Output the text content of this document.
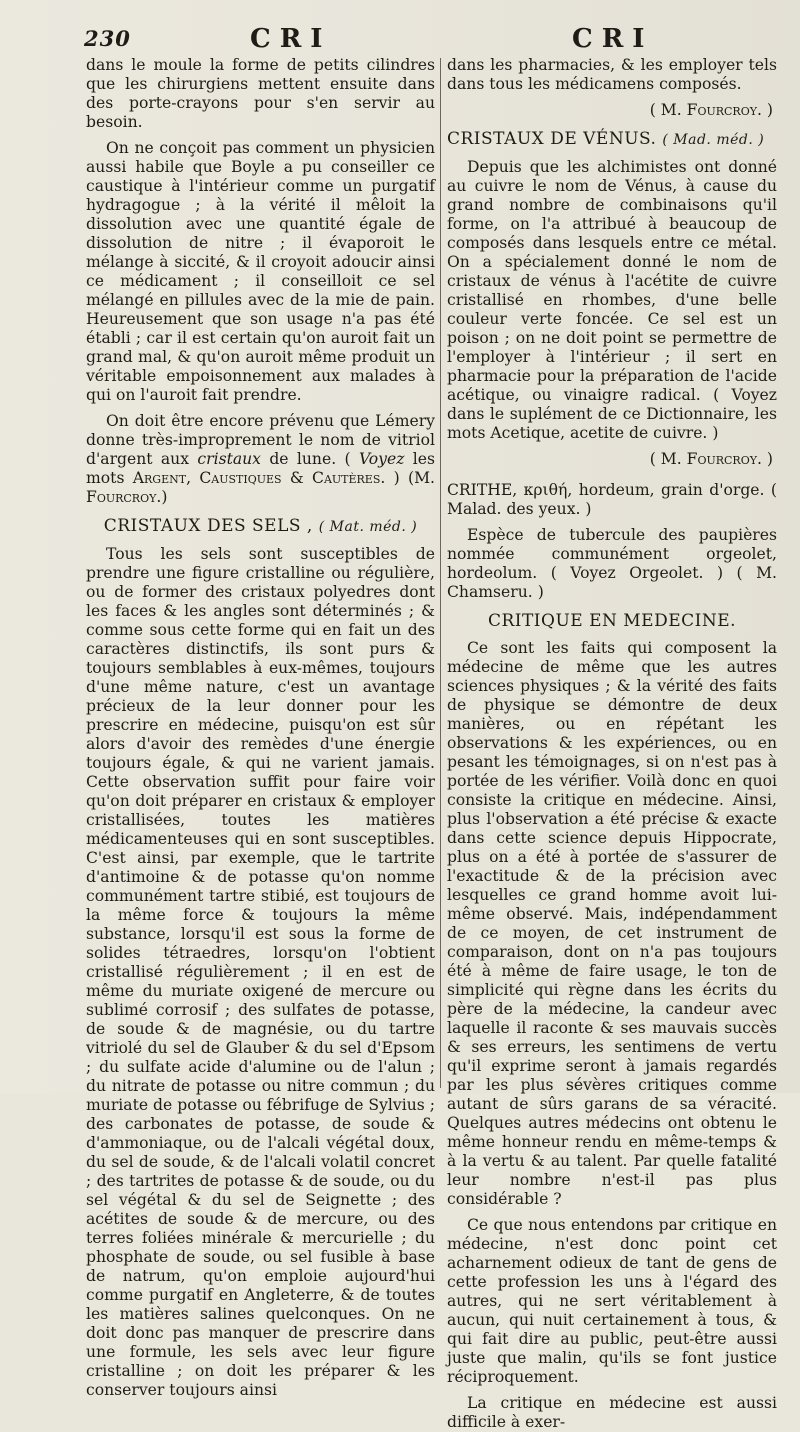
230	CRI	CRI

dans le moule la forme de petits cilindres que les chirurgiens mettent ensuite dans des porte-crayons pour s'en servir au besoin.

On ne conçoit pas comment un physicien aussi habile que Boyle a pu conseiller ce caustique à l'intérieur comme un purgatif hydragogue ; à la vérité il mêloit la dissolution avec une quantité égale de dissolution de nitre ; il évaporoit le mélange à siccité, & il croyoit adoucir ainsi ce médicament ; il conseilloit ce sel mélangé en pillules avec de la mie de pain. Heureusement que son usage n'a pas été établi ; car il est certain qu'on auroit fait un grand mal, & qu'on auroit même produit un véritable empoisonnement aux malades à qui on l'auroit fait prendre.

On doit être encore prévenu que Lémery donne très-improprement le nom de vitriol d'argent aux cristaux de lune. ( Voyez les mots Argent, Caustiques & Cautères. ) (M. Fourcroy.)

CRISTAUX DES SELS , ( Mat. méd. )

Tous les sels sont susceptibles de prendre une figure cristalline ou régulière, ou de former des cristaux polyedres dont les faces & les angles sont déterminés ; & comme sous cette forme qui en fait un des caractères distinctifs, ils sont purs & toujours semblables à eux-mêmes, toujours d'une même nature, c'est un avantage précieux de la leur donner pour les prescrire en médecine, puisqu'on est sûr alors d'avoir des remèdes d'une énergie toujours égale, & qui ne varient jamais. Cette observation suffit pour faire voir qu'on doit préparer en cristaux & employer cristallisées, toutes les matières médicamenteuses qui en sont susceptibles. C'est ainsi, par exemple, que le tartrite d'antimoine & de potasse qu'on nomme communément tartre stibié, est toujours de la même force & toujours la même substance, lorsqu'il est sous la forme de solides tétraedres, lorsqu'on l'obtient cristallisé régulièrement ; il en est de même du muriate oxigené de mercure ou sublimé corrosif ; des sulfates de potasse, de soude & de magnésie, ou du tartre vitriolé du sel de Glauber & du sel d'Epsom ; du sulfate acide d'alumine ou de l'alun ; du nitrate de potasse ou nitre commun ; du muriate de potasse ou fébrifuge de Sylvius ; des carbonates de potasse, de soude & d'ammoniaque, ou de l'alcali végétal doux, du sel de soude, & de l'alcali volatil concret ; des tartrites de potasse & de soude, ou du sel végétal & du sel de Seignette ; des acétites de soude & de mercure, ou des terres foliées minérale & mercurielle ; du phosphate de soude, ou sel fusible à base de natrum, qu'on emploie aujourd'hui comme purgatif en Angleterre, & de toutes les matières salines quelconques. On ne doit donc pas manquer de prescrire dans une formule, les sels avec leur figure cristalline ; on doit les préparer & les conserver toujours ainsi

dans les pharmacies, & les employer tels dans tous les médicamens composés.

( M. Fourcroy. )

CRISTAUX DE VÉNUS. ( Mad. méd. )

Depuis que les alchimistes ont donné au cuivre le nom de Vénus, à cause du grand nombre de combinaisons qu'il forme, on l'a attribué à beaucoup de composés dans lesquels entre ce métal. On a spécialement donné le nom de cristaux de vénus à l'acétite de cuivre cristallisé en rhombes, d'une belle couleur verte foncée. Ce sel est un poison ; on ne doit point se permettre de l'employer à l'intérieur ; il sert en pharmacie pour la préparation de l'acide acétique, ou vinaigre radical. ( Voyez dans le suplément de ce Dictionnaire, les mots Acetique, acetite de cuivre. )

( M. Fourcroy. )

CRITHE, κριθή, hordeum, grain d'orge. ( Malad. des yeux. )

Espèce de tubercule des paupières nommée communément orgeolet, hordeolum. ( Voyez Orgeolet. ) ( M. Chamseru. )

CRITIQUE EN MEDECINE.

Ce sont les faits qui composent la médecine de même que les autres sciences physiques ; & la vérité des faits de physique se démontre de deux manières, ou en répétant les observations & les expériences, ou en pesant les témoignages, si on n'est pas à portée de les vérifier. Voilà donc en quoi consiste la critique en médecine. Ainsi, plus l'observation a été précise & exacte dans cette science depuis Hippocrate, plus on a été à portée de s'assurer de l'exactitude & de la précision avec lesquelles ce grand homme avoit lui-même observé. Mais, indépendamment de ce moyen, de cet instrument de comparaison, dont on n'a pas toujours été à même de faire usage, le ton de simplicité qui règne dans les écrits du père de la médecine, la candeur avec laquelle il raconte & ses mauvais succès & ses erreurs, les sentimens de vertu qu'il exprime seront à jamais regardés par les plus sévères critiques comme autant de sûrs garans de sa véracité. Quelques autres médecins ont obtenu le même honneur rendu en même-temps & à la vertu & au talent. Par quelle fatalité leur nombre n'est-il pas plus considérable ?

Ce que nous entendons par critique en médecine, n'est donc point cet acharnement odieux de tant de gens de cette profession les uns à l'égard des autres, qui ne sert véritablement à aucun, qui nuit certainement à tous, & qui fait dire au public, peut-être aussi juste que malin, qu'ils se font justice réciproquement.

La critique en médecine est aussi difficile à exer-
